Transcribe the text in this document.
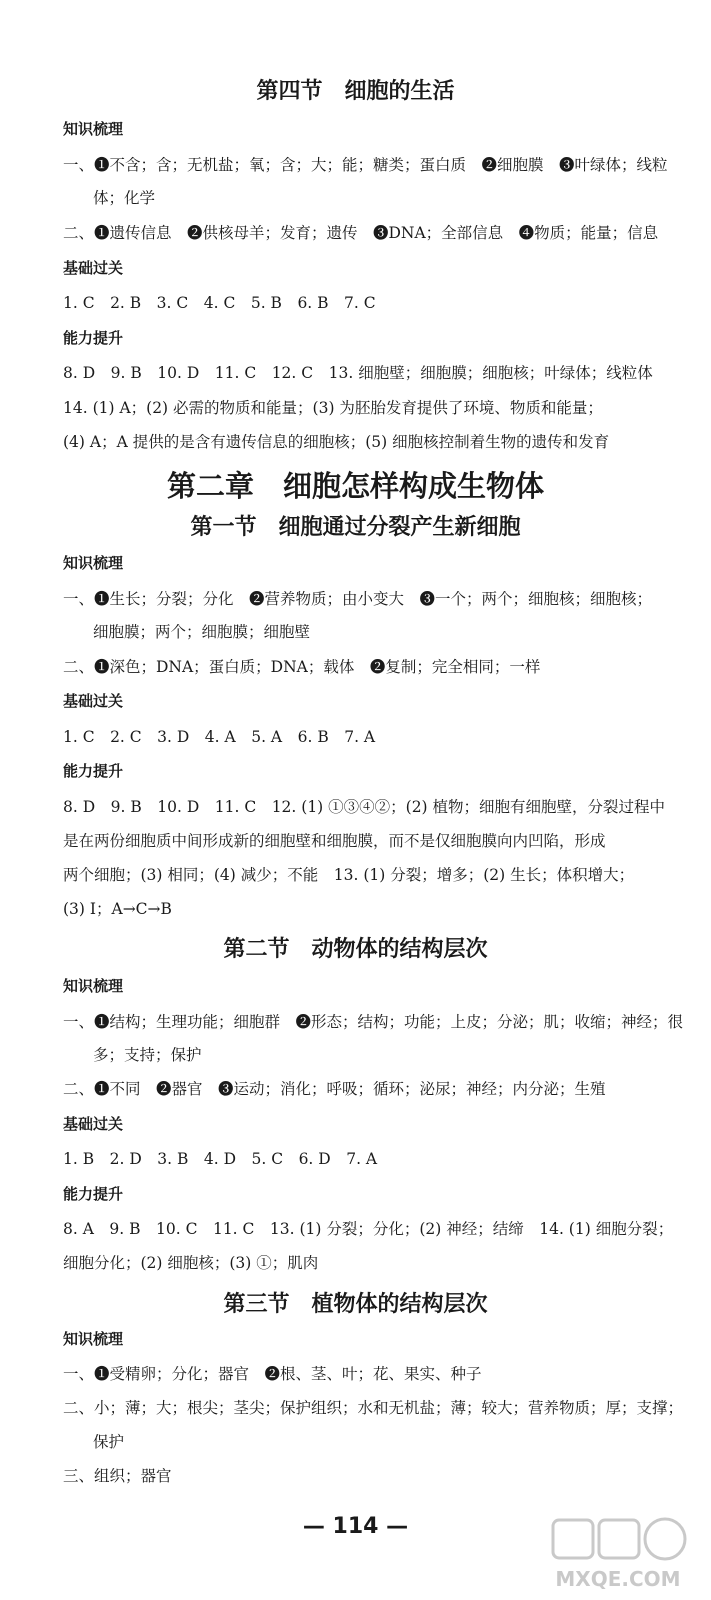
第四节　细胞的生活
知识梳理
一、❶不含；含；无机盐；氧；含；大；能；糖类；蛋白质　❷细胞膜　❸叶绿体；线粒
体；化学
二、❶遗传信息　❷供核母羊；发育；遗传　❸DNA；全部信息　❹物质；能量；信息
基础过关
1. C　2. B　3. C　4. C　5. B　6. B　7. C
能力提升
8. D　9. B　10. D　11. C　12. C　13. 细胞壁；细胞膜；细胞核；叶绿体；线粒体
14. (1) A；(2) 必需的物质和能量；(3) 为胚胎发育提供了环境、物质和能量；
(4) A；A 提供的是含有遗传信息的细胞核；(5) 细胞核控制着生物的遗传和发育
第二章　细胞怎样构成生物体
第一节　细胞通过分裂产生新细胞
知识梳理
一、❶生长；分裂；分化　❷营养物质；由小变大　❸一个；两个；细胞核；细胞核；
细胞膜；两个；细胞膜；细胞壁
二、❶深色；DNA；蛋白质；DNA；载体　❷复制；完全相同；一样
基础过关
1. C　2. C　3. D　4. A　5. A　6. B　7. A
能力提升
8. D　9. B　10. D　11. C　12. (1) ①③④②；(2) 植物；细胞有细胞壁，分裂过程中
是在两份细胞质中间形成新的细胞壁和细胞膜，而不是仅细胞膜向内凹陷，形成
两个细胞；(3) 相同；(4) 减少；不能　13. (1) 分裂；增多；(2) 生长；体积增大；
(3) Ⅰ；A→C→B
第二节　动物体的结构层次
知识梳理
一、❶结构；生理功能；细胞群　❷形态；结构；功能；上皮；分泌；肌；收缩；神经；很
多；支持；保护
二、❶不同　❷器官　❸运动；消化；呼吸；循环；泌尿；神经；内分泌；生殖
基础过关
1. B　2. D　3. B　4. D　5. C　6. D　7. A
能力提升
8. A　9. B　10. C　11. C　13. (1) 分裂；分化；(2) 神经；结缔　14. (1) 细胞分裂；
细胞分化；(2) 细胞核；(3) ①；肌肉
第三节　植物体的结构层次
知识梳理
一、❶受精卵；分化；器官　❷根、茎、叶；花、果实、种子
二、小；薄；大；根尖；茎尖；保护组织；水和无机盐；薄；较大；营养物质；厚；支撑；
保护
三、组织；器官
— 114 —
MXQE.COM
